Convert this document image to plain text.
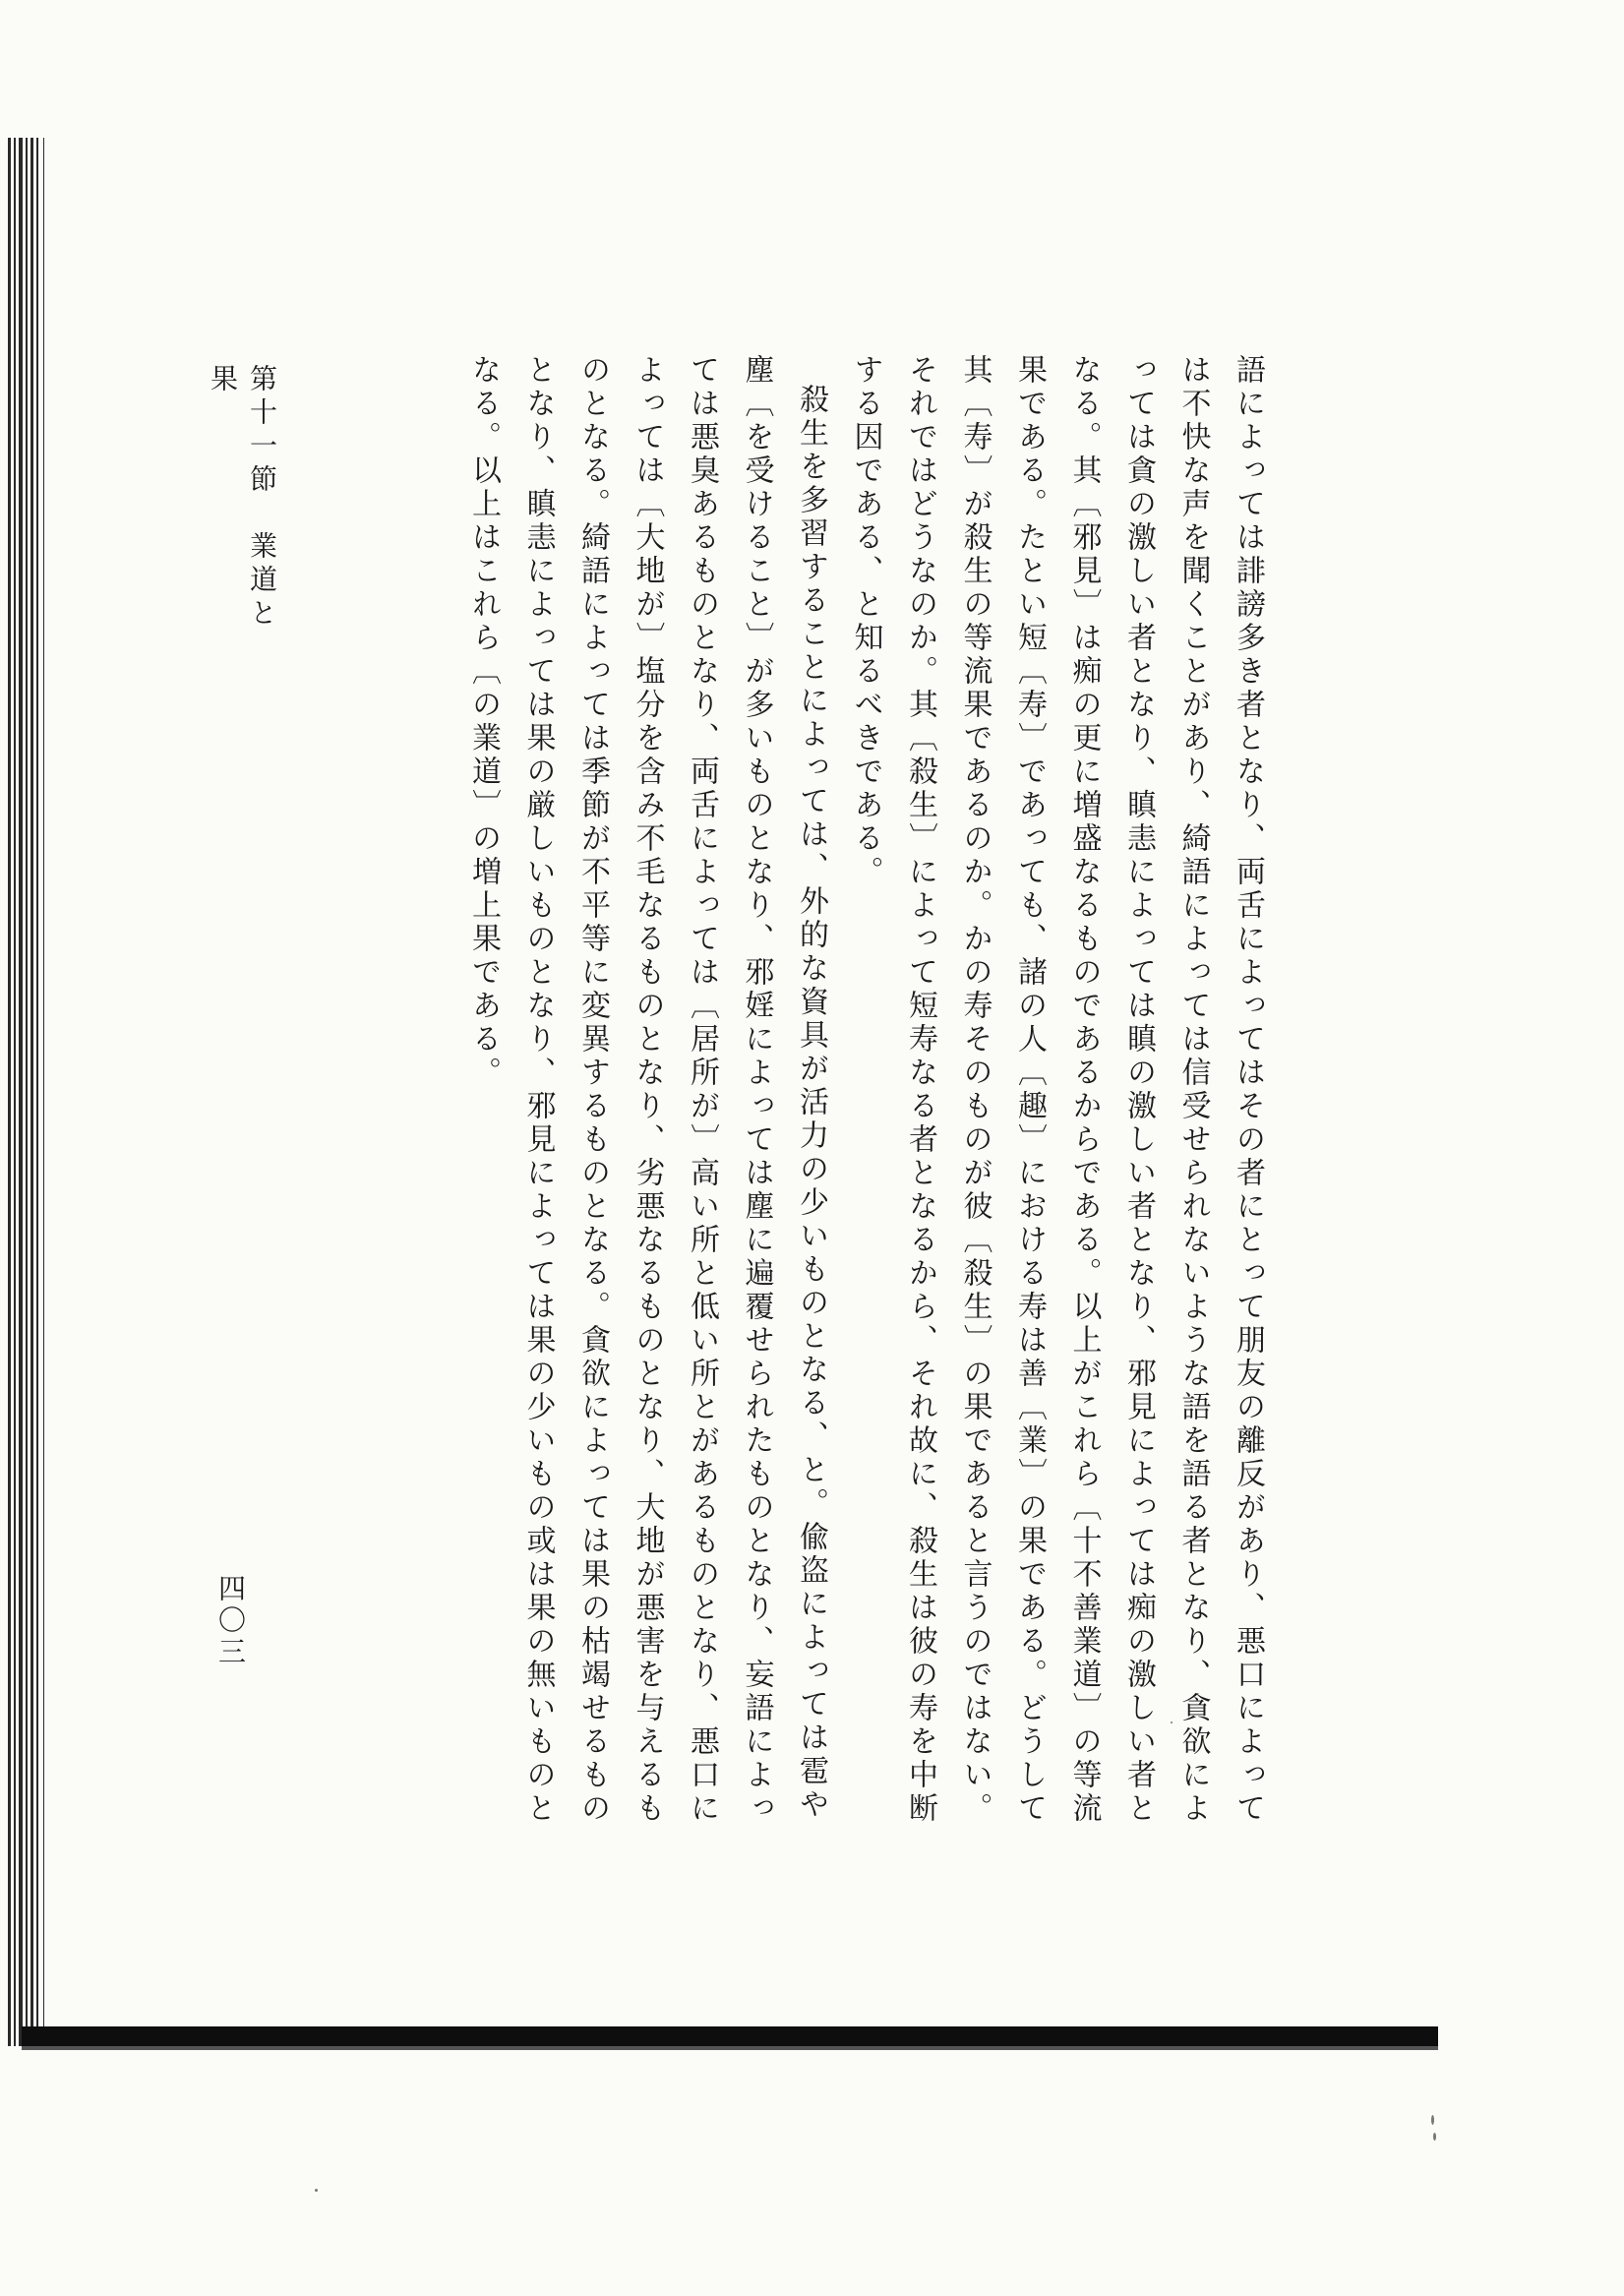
語によっては誹謗多き者となり、両舌によってはその者にとって朋友の離反があり、悪口によって

は不快な声を聞くことがあり、綺語によっては信受せられないような語を語る者となり、貪欲によ

っては貪の激しい者となり、瞋恚によっては瞋の激しい者となり、邪見によっては痴の激しい者と

なる。其〔邪見〕は痴の更に増盛なるものであるからである。以上がこれら〔十不善業道〕の等流

果である。たとい短〔寿〕であっても、諸の人〔趣〕における寿は善〔業〕の果である。どうして

其〔寿〕が殺生の等流果であるのか。かの寿そのものが彼〔殺生〕の果であると言うのではない。

それではどうなのか。其〔殺生〕によって短寿なる者となるから、それ故に、殺生は彼の寿を中断

する因である、と知るべきである。

殺生を多習することによっては、外的な資具が活力の少いものとなる、と。偸盗によっては雹や

塵〔を受けること〕が多いものとなり、邪婬によっては塵に遍覆せられたものとなり、妄語によっ

ては悪臭あるものとなり、両舌によっては〔居所が〕高い所と低い所とがあるものとなり、悪口に

よっては〔大地が〕塩分を含み不毛なるものとなり、劣悪なるものとなり、大地が悪害を与えるも

のとなる。綺語によっては季節が不平等に変異するものとなる。貪欲によっては果の枯竭せるもの

となり、瞋恚によっては果の厳しいものとなり、邪見によっては果の少いもの或は果の無いものと

なる。以上はこれら〔の業道〕の増上果である。

第十一節　業道と果
四〇三
